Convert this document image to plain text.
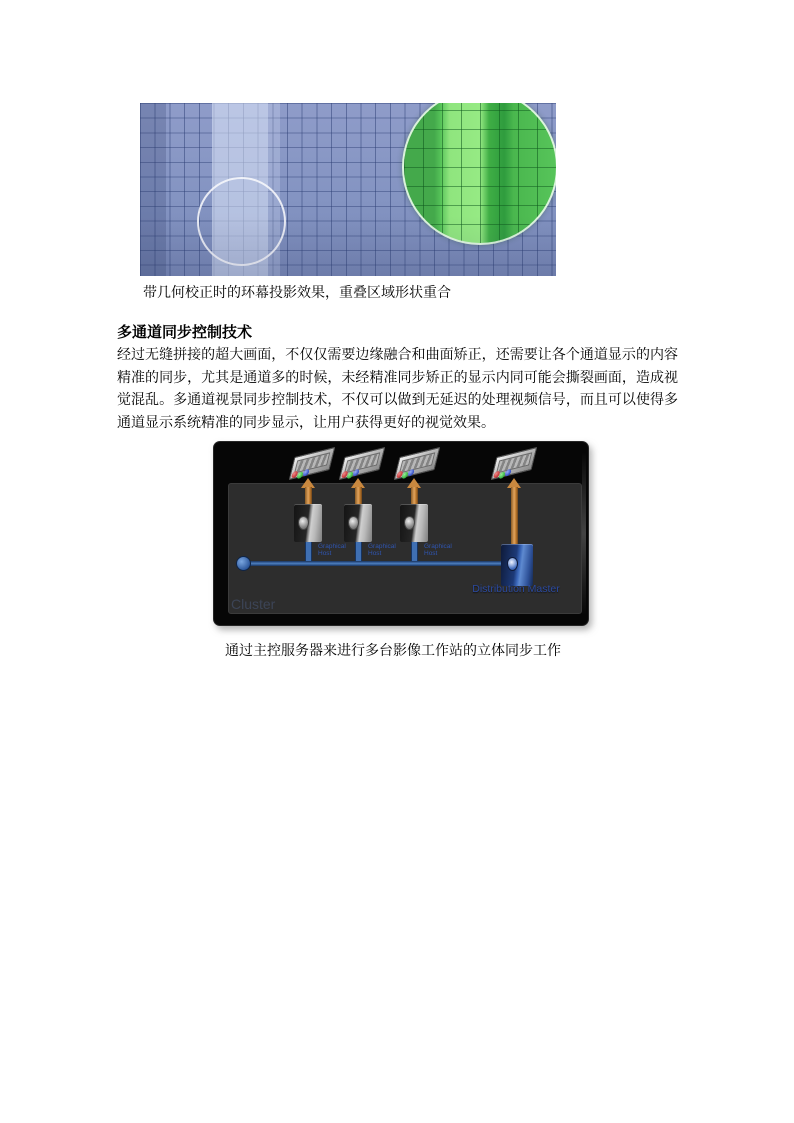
带几何校正时的环幕投影效果，重叠区域形状重合
多通道同步控制技术

经过无缝拼接的超大画面，不仅仅需要边缘融合和曲面矫正，还需要让各个通道显示的内容精准的同步，尤其是通道多的时候，未经精准同步矫正的显示内同可能会撕裂画面，造成视觉混乱。多通道视景同步控制技术，不仅可以做到无延迟的处理视频信号，而且可以使得多通道显示系统精准的同步显示，让用户获得更好的视觉效果。

Graphical
Host
Graphical
Host
Graphical
Host
Distribution Master
Cluster
通过主控服务器来进行多台影像工作站的立体同步工作
